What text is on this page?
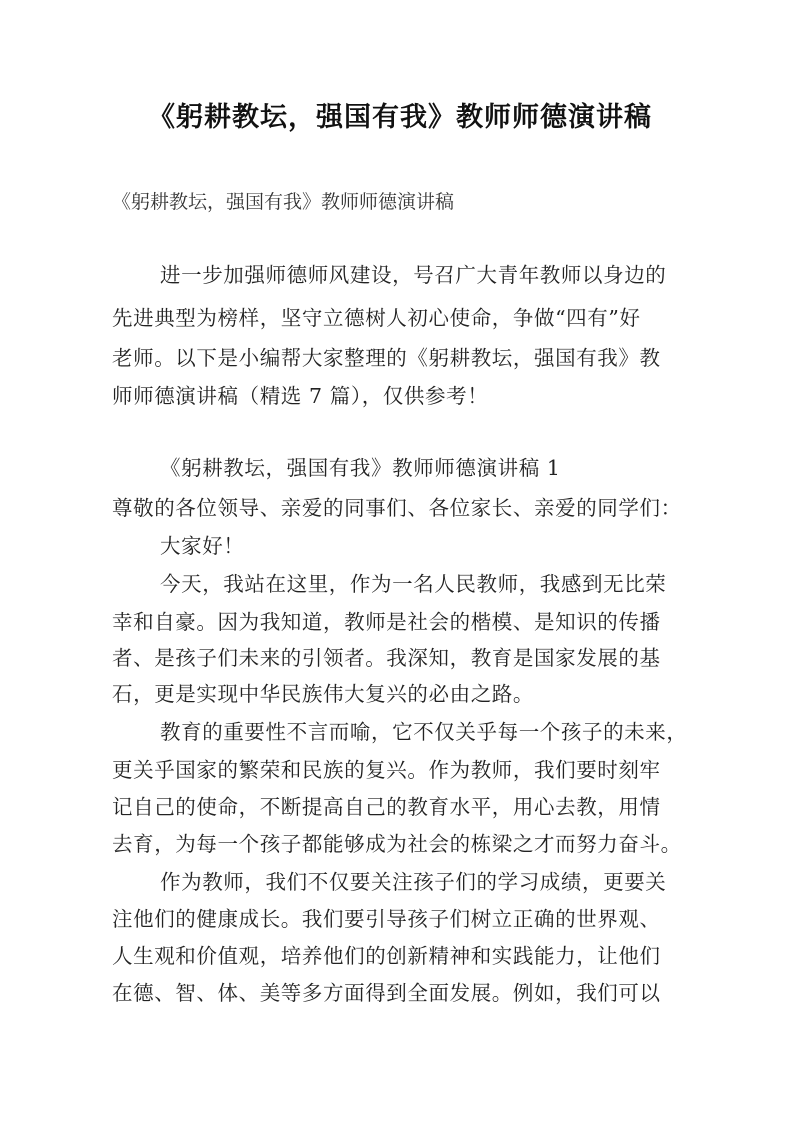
《躬耕教坛，强国有我》教师师德演讲稿
《躬耕教坛，强国有我》教师师德演讲稿
进一步加强师德师风建设，号召广大青年教师以身边的
先进典型为榜样，坚守立德树人初心使命，争做“四有”好
老师。以下是小编帮大家整理的《躬耕教坛，强国有我》教
师师德演讲稿（精选 7 篇），仅供参考！
《躬耕教坛，强国有我》教师师德演讲稿 1
尊敬的各位领导、亲爱的同事们、各位家长、亲爱的同学们：
大家好！
今天，我站在这里，作为一名人民教师，我感到无比荣
幸和自豪。因为我知道，教师是社会的楷模、是知识的传播
者、是孩子们未来的引领者。我深知，教育是国家发展的基
石，更是实现中华民族伟大复兴的必由之路。
教育的重要性不言而喻，它不仅关乎每一个孩子的未来，
更关乎国家的繁荣和民族的复兴。作为教师，我们要时刻牢
记自己的使命，不断提高自己的教育水平，用心去教，用情
去育，为每一个孩子都能够成为社会的栋梁之才而努力奋斗。
作为教师，我们不仅要关注孩子们的学习成绩，更要关
注他们的健康成长。我们要引导孩子们树立正确的世界观、
人生观和价值观，培养他们的创新精神和实践能力，让他们
在德、智、体、美等多方面得到全面发展。例如，我们可以
